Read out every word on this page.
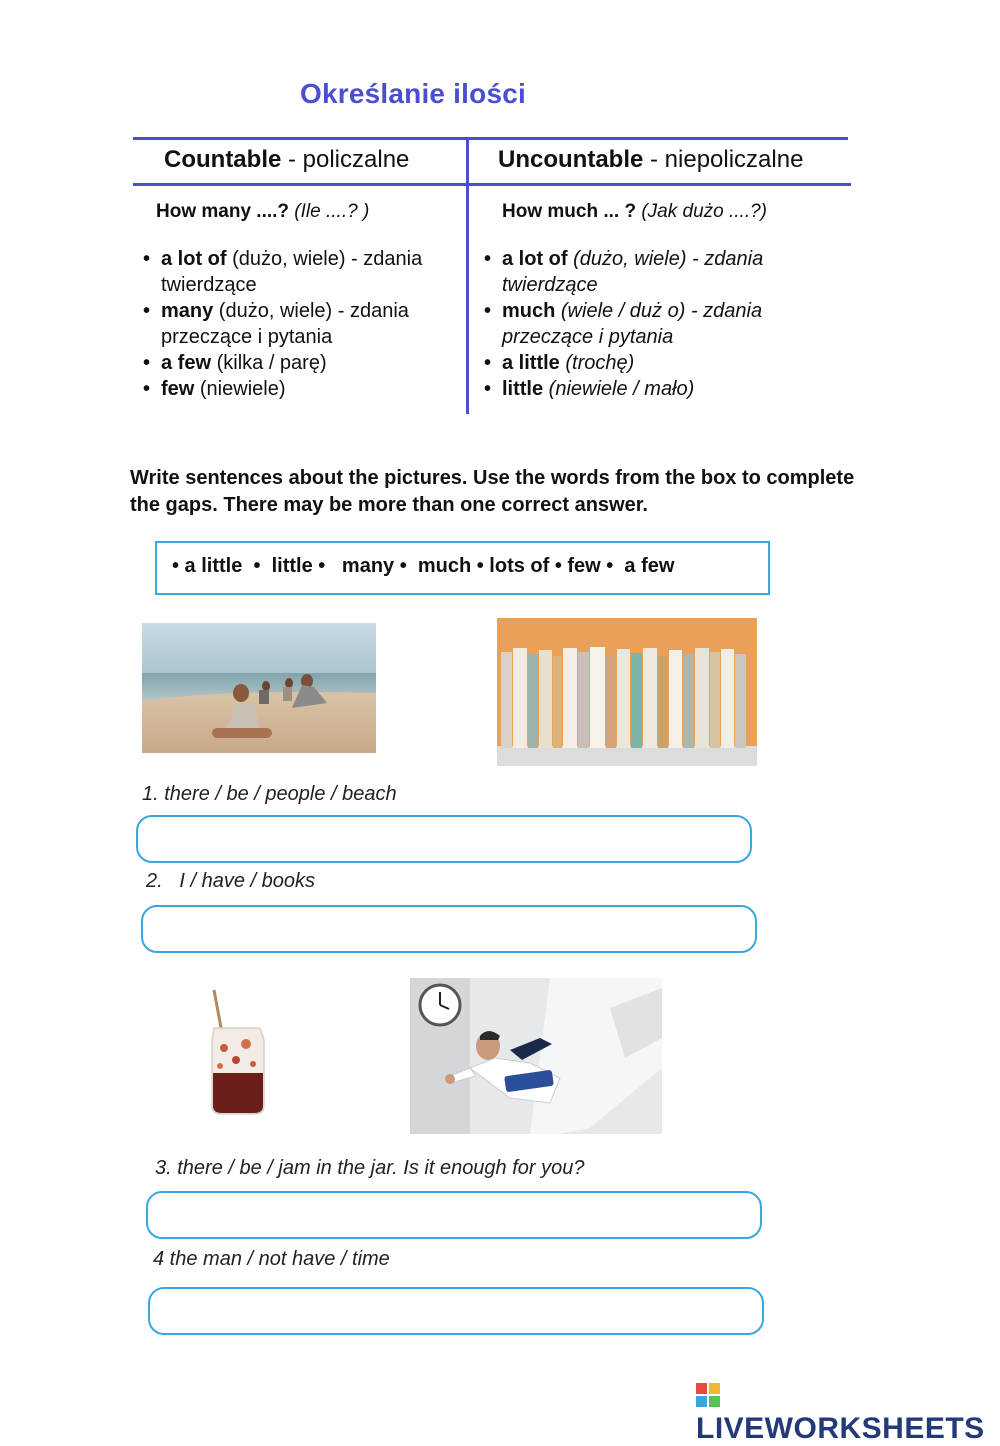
Określanie ilości
Countable - policzalne	Uncountable - niepoliczalne
How many ....? (Ile ....? )	How much ... ? (Jak dużo ....?)
• a lot of (dużo, wiele) - zdania twierdzące
• many (dużo, wiele) - zdania przeczące i pytania
• a few (kilka / parę)
• few (niewiele)
• a lot of (dużo, wiele) - zdania twierdzące
• much (wiele / duż o) - zdania przeczące i pytania
• a little (trochę)
• little (niewiele / mało)
Write sentences about the pictures. Use the words from the box to complete the gaps. There may be more than one correct answer.
• a little  •  little •   many •  much • lots of • few •  a few
1. there / be / people / beach
2.   I / have / books
3. there / be / jam in the jar. Is it enough for you?
4 the man / not have / time
LIVEWORKSHEETS
